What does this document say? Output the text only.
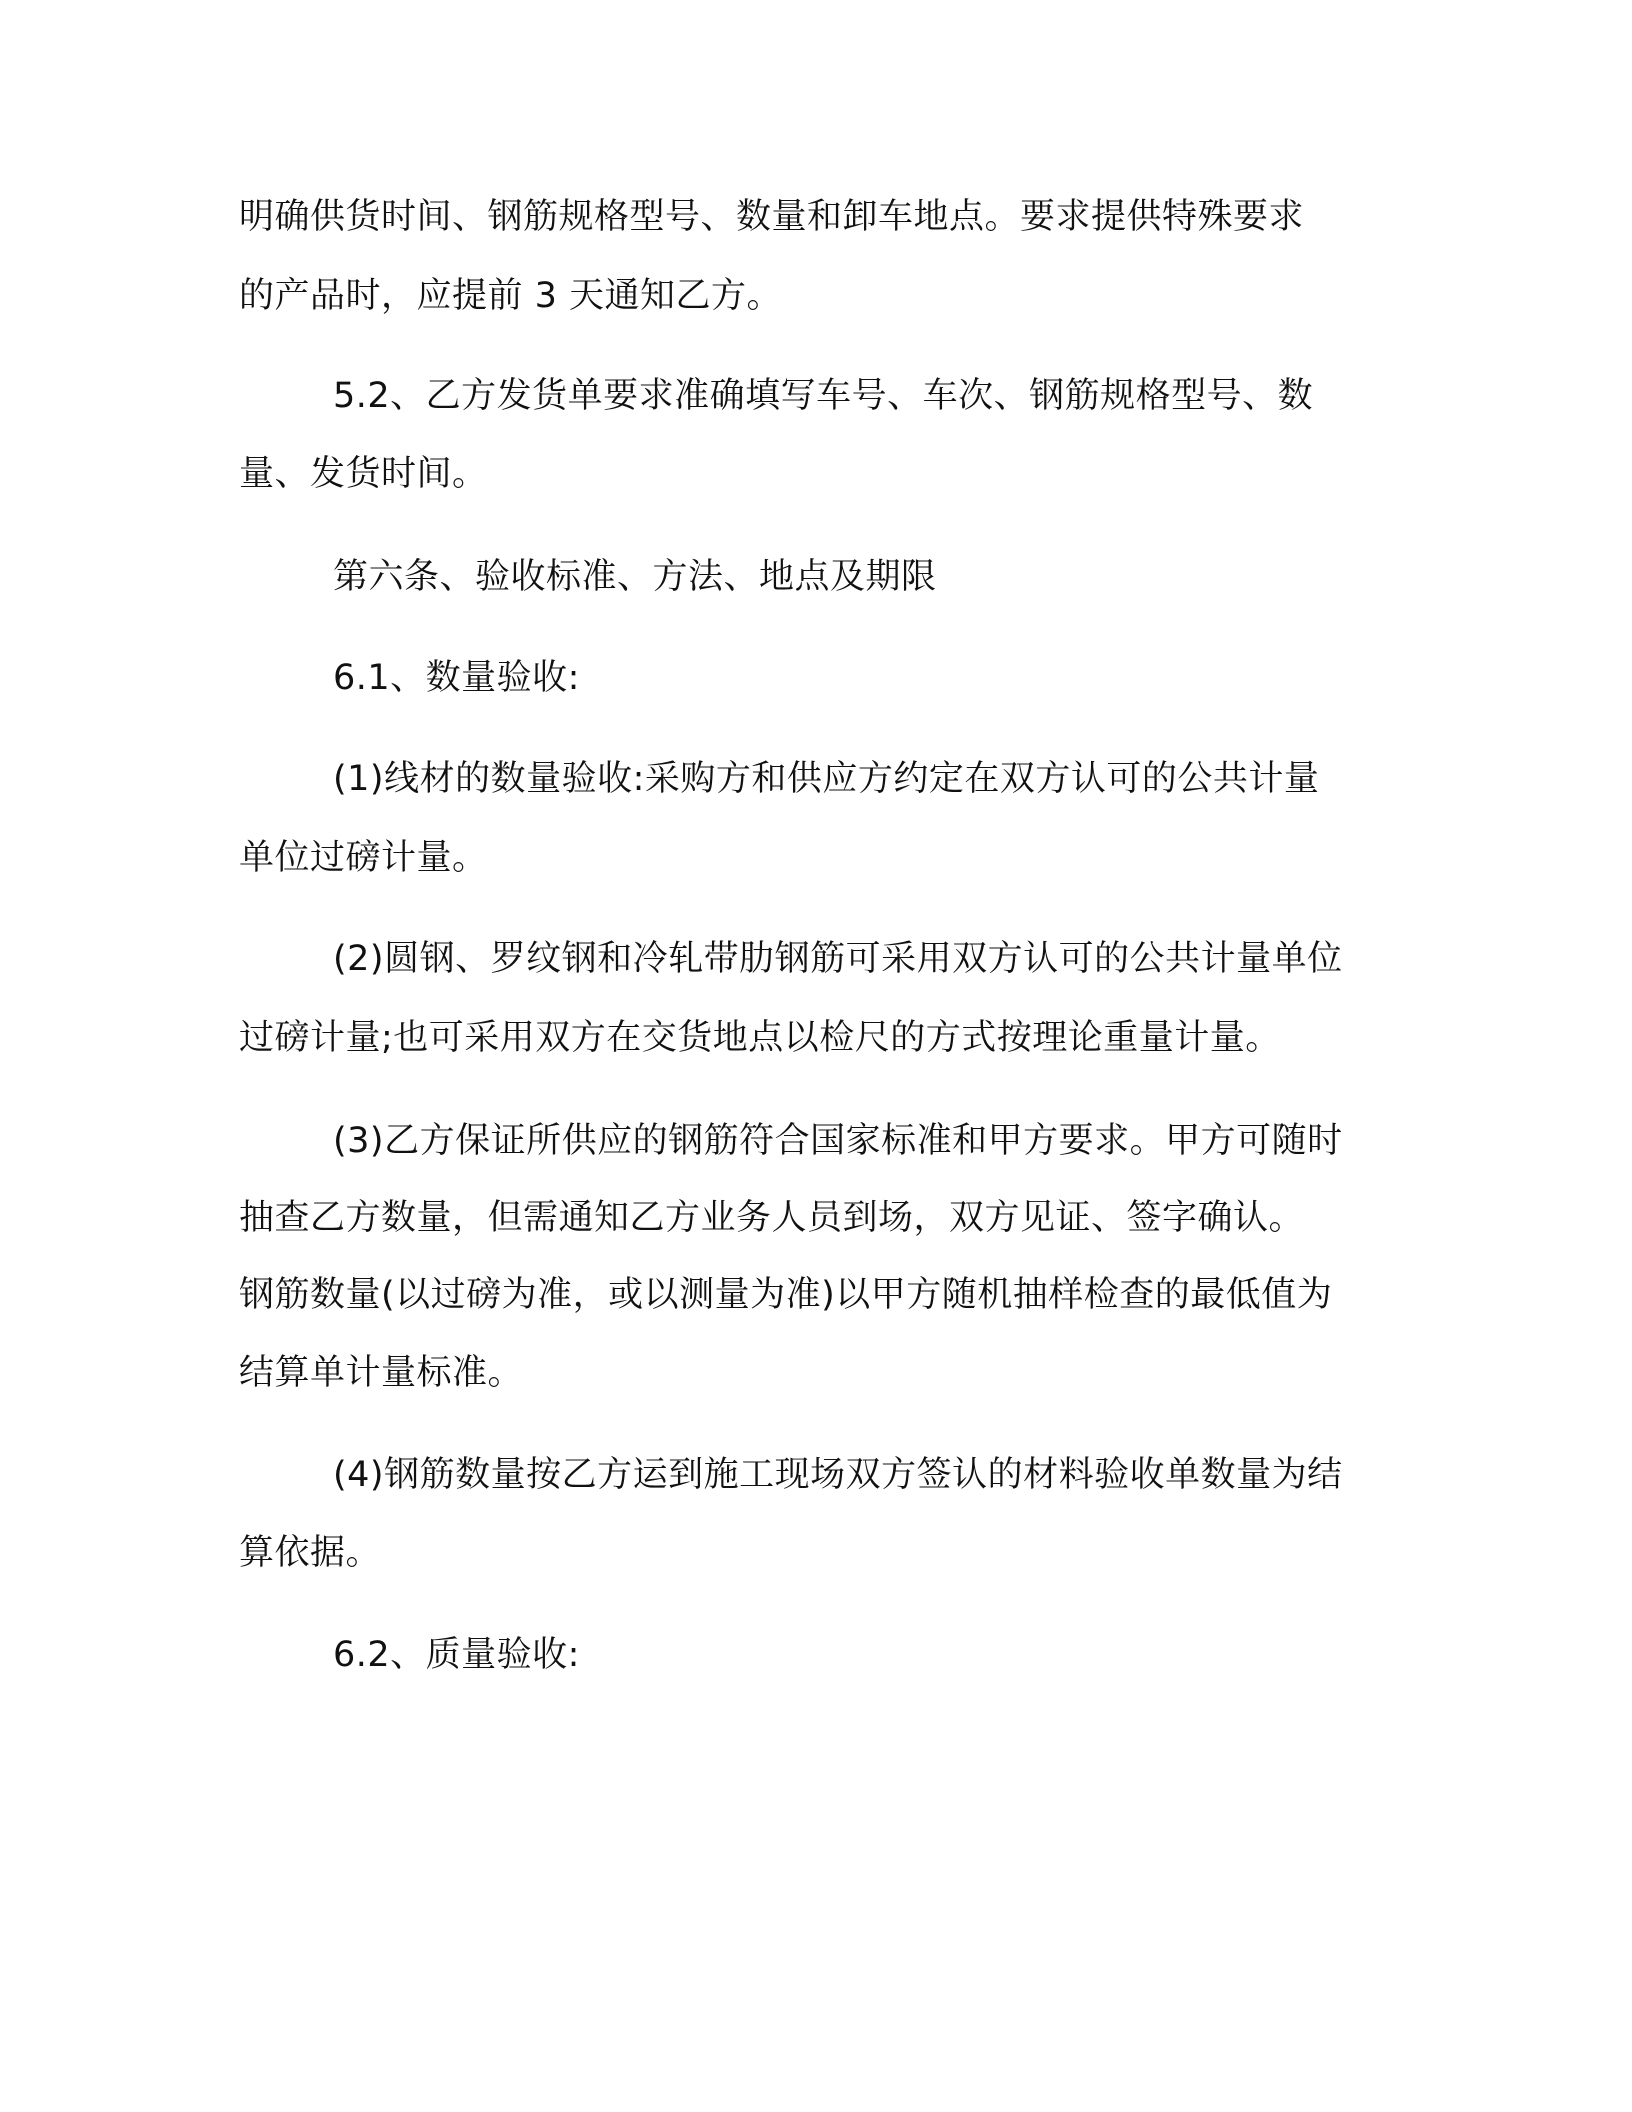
明确供货时间、钢筋规格型号、数量和卸车地点。要求提供特殊要求
的产品时，应提前 3 天通知乙方。
5.2、乙方发货单要求准确填写车号、车次、钢筋规格型号、数
量、发货时间。
第六条、验收标准、方法、地点及期限
6.1、数量验收:
(1)线材的数量验收:采购方和供应方约定在双方认可的公共计量
单位过磅计量。
(2)圆钢、罗纹钢和冷轧带肋钢筋可采用双方认可的公共计量单位
过磅计量;也可采用双方在交货地点以检尺的方式按理论重量计量。
(3)乙方保证所供应的钢筋符合国家标准和甲方要求。甲方可随时
抽查乙方数量，但需通知乙方业务人员到场，双方见证、签字确认。
钢筋数量(以过磅为准，或以测量为准)以甲方随机抽样检查的最低值为
结算单计量标准。
(4)钢筋数量按乙方运到施工现场双方签认的材料验收单数量为结
算依据。
6.2、质量验收:
